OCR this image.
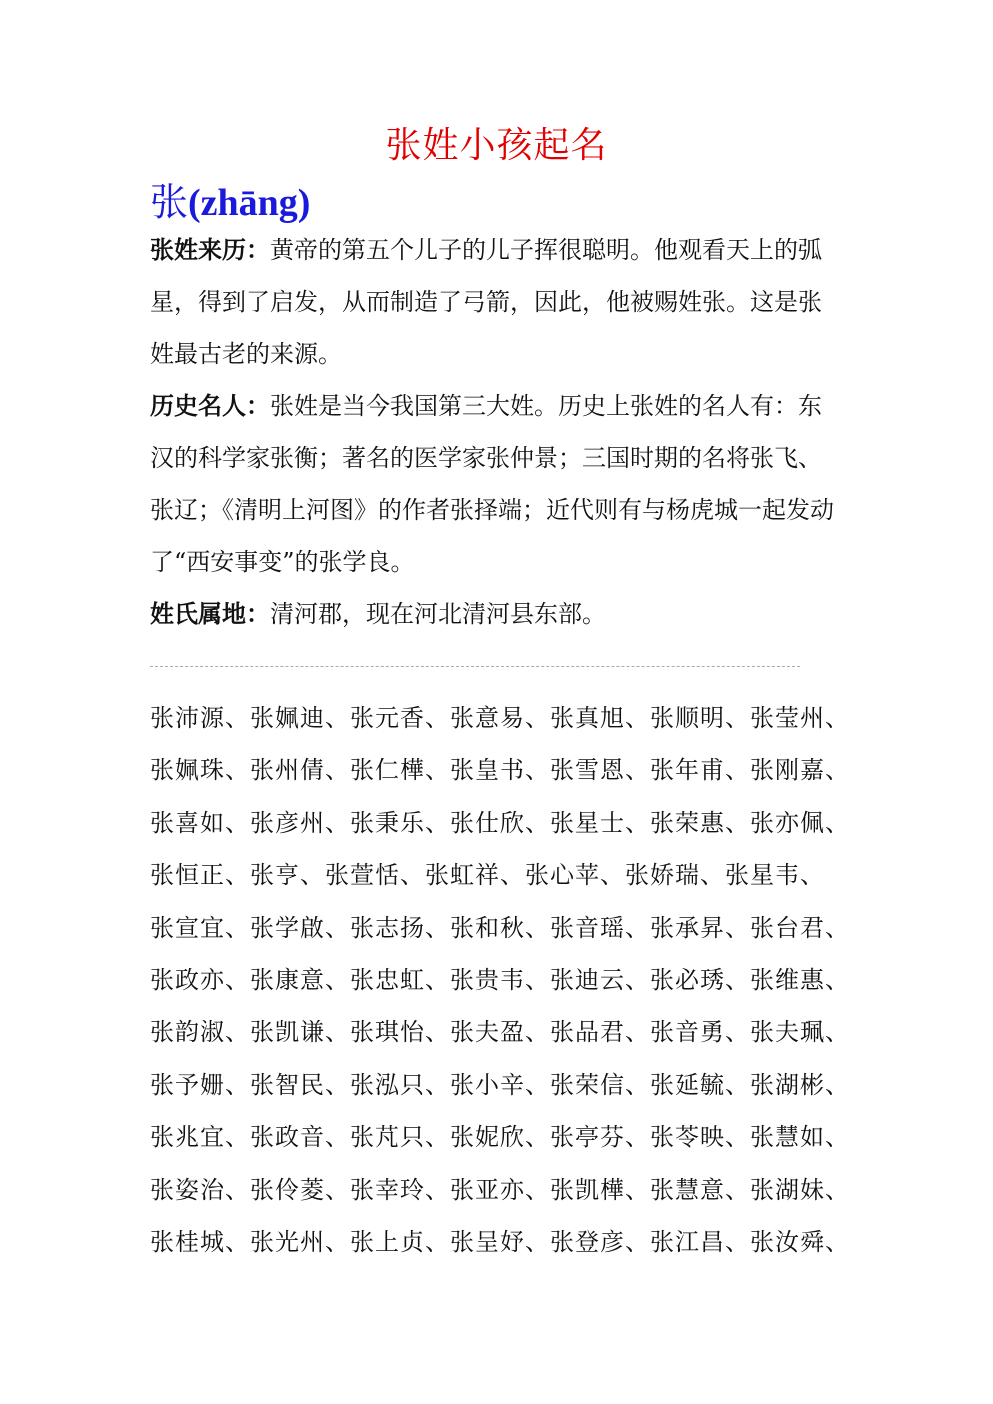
张姓小孩起名
张(zhāng)
张姓来历：黄帝的第五个儿子的儿子挥很聪明。他观看天上的弧星，得到了启发，从而制造了弓箭，因此，他被赐姓张。这是张姓最古老的来源。
历史名人：张姓是当今我国第三大姓。历史上张姓的名人有：东汉的科学家张衡；著名的医学家张仲景；三国时期的名将张飞、张辽；《清明上河图》的作者张择端；近代则有与杨虎城一起发动了“西安事变”的张学良。
姓氏属地：清河郡，现在河北清河县东部。
张沛源、张姵迪、张元香、张意易、张真旭、张顺明、张莹州、
张姵珠、张州倩、张仁樺、张皇书、张雪恩、张年甫、张刚嘉、
张喜如、张彦州、张秉乐、张仕欣、张星士、张荣惠、张亦佩、
张恒正、张亨、张萱恬、张虹祥、张心苹、张娇瑞、张星韦、
张宣宜、张学啟、张志扬、张和秋、张音瑶、张承昇、张台君、
张政亦、张康意、张忠虹、张贵韦、张迪云、张必琇、张维惠、
张韵淑、张凯谦、张琪怡、张夫盈、张品君、张音勇、张夫珮、
张予姗、张智民、张泓只、张小辛、张荣信、张延毓、张湖彬、
张兆宜、张政音、张芃只、张妮欣、张亭芬、张苓映、张慧如、
张姿治、张伶菱、张幸玲、张亚亦、张凯樺、张慧意、张湖妹、
张桂城、张光州、张上贞、张呈妤、张登彦、张江昌、张汝舜、
